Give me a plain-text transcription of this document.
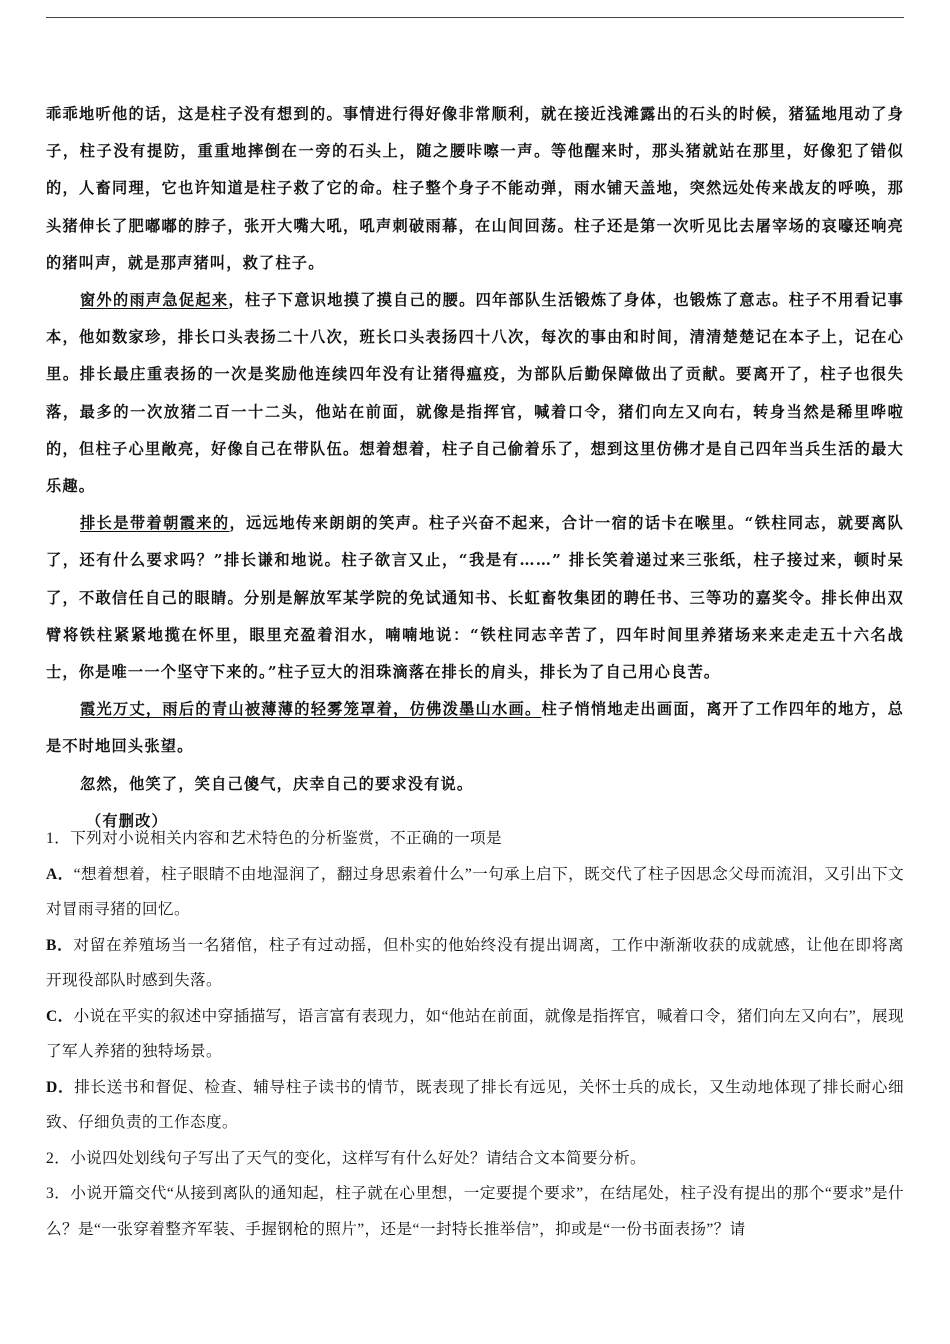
乖乖地听他的话，这是柱子没有想到的。事情进行得好像非常顺利，就在接近浅滩露出的石头的时候，猪猛地甩动了身子，柱子没有提防，重重地摔倒在一旁的石头上，随之腰咔嚓一声。等他醒来时，那头猪就站在那里，好像犯了错似的，人畜同理，它也许知道是柱子救了它的命。柱子整个身子不能动弹，雨水铺天盖地，突然远处传来战友的呼唤，那头猪伸长了肥嘟嘟的脖子，张开大嘴大吼，吼声刺破雨幕，在山间回荡。柱子还是第一次听见比去屠宰场的哀嚎还响亮的猪叫声，就是那声猪叫，救了柱子。

窗外的雨声急促起来，柱子下意识地摸了摸自己的腰。四年部队生活锻炼了身体，也锻炼了意志。柱子不用看记事本，他如数家珍，排长口头表扬二十八次，班长口头表扬四十八次，每次的事由和时间，清清楚楚记在本子上，记在心里。排长最庄重表扬的一次是奖励他连续四年没有让猪得瘟疫，为部队后勤保障做出了贡献。要离开了，柱子也很失落，最多的一次放猪二百一十二头，他站在前面，就像是指挥官，喊着口令，猪们向左又向右，转身当然是稀里哗啦的，但柱子心里敞亮，好像自己在带队伍。想着想着，柱子自己偷着乐了，想到这里仿佛才是自己四年当兵生活的最大乐趣。

排长是带着朝霞来的，远远地传来朗朗的笑声。柱子兴奋不起来，合计一宿的话卡在喉里。“铁柱同志，就要离队了，还有什么要求吗？”排长谦和地说。柱子欲言又止，“我是有……” 排长笑着递过来三张纸，柱子接过来，顿时呆了，不敢信任自己的眼睛。分别是解放军某学院的免试通知书、长虹畜牧集团的聘任书、三等功的嘉奖令。排长伸出双臂将铁柱紧紧地揽在怀里，眼里充盈着泪水，喃喃地说：“铁柱同志辛苦了，四年时间里养猪场来来走走五十六名战士，你是唯一一个坚守下来的。”柱子豆大的泪珠滴落在排长的肩头，排长为了自己用心良苦。

霞光万丈，雨后的青山被薄薄的轻雾笼罩着，仿佛泼墨山水画。柱子悄悄地走出画面，离开了工作四年的地方，总是不时地回头张望。

忽然，他笑了，笑自己傻气，庆幸自己的要求没有说。

（有删改）

1．下列对小说相关内容和艺术特色的分析鉴赏，不正确的一项是

A．“想着想着，柱子眼睛不由地湿润了，翻过身思索着什么”一句承上启下，既交代了柱子因思念父母而流泪，又引出下文对冒雨寻猪的回忆。

B．对留在养殖场当一名猪倌，柱子有过动摇，但朴实的他始终没有提出调离，工作中渐渐收获的成就感，让他在即将离开现役部队时感到失落。

C．小说在平实的叙述中穿插描写，语言富有表现力，如“他站在前面，就像是指挥官，喊着口令，猪们向左又向右”，展现了军人养猪的独特场景。

D．排长送书和督促、检查、辅导柱子读书的情节，既表现了排长有远见，关怀士兵的成长，又生动地体现了排长耐心细致、仔细负责的工作态度。

2．小说四处划线句子写出了天气的变化，这样写有什么好处？请结合文本简要分析。

3．小说开篇交代“从接到离队的通知起，柱子就在心里想，一定要提个要求”，在结尾处，柱子没有提出的那个“要求”是什么？是“一张穿着整齐军装、手握钢枪的照片”，还是“一封特长推举信”，抑或是“一份书面表扬”？请
